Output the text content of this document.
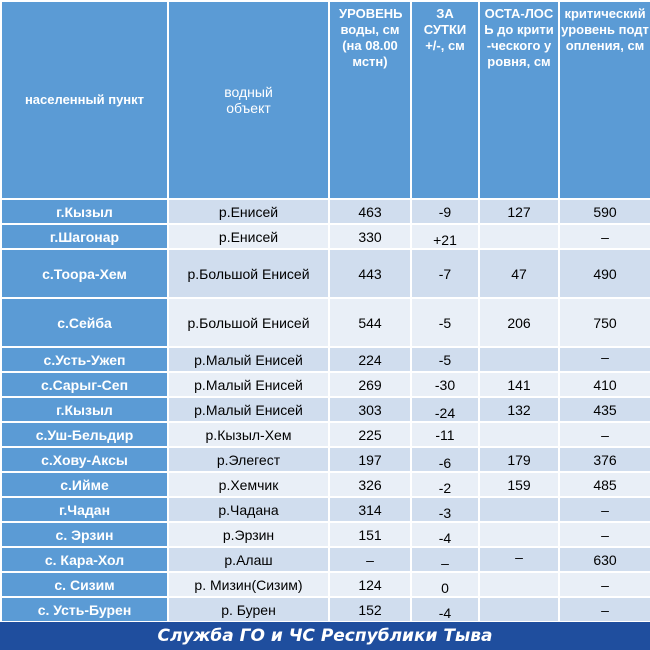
населенный пункт	водный объект	УРОВЕНЬ воды, см (на 08.00 мстн)	ЗА СУТКИ +/-, см	ОСТА-ЛОСЬ до крити-ческого уровня, см	критический уровень подтопления, см

г.Кызыл	р.Енисей	463	-9	127	590
г.Шагонар	р.Енисей	330	+21		–
с.Тоора-Хем	р.Большой Енисей	443	-7	47	490
с.Сейба	р.Большой Енисей	544	-5	206	750
с.Усть-Ужеп	р.Малый Енисей	224	-5		–
с.Сарыг-Сеп	р.Малый Енисей	269	-30	141	410
г.Кызыл	р.Малый Енисей	303	-24	132	435
с.Уш-Бельдир	р.Кызыл-Хем	225	-11		–
с.Хову-Аксы	р.Элегест	197	-6	179	376
с.Ийме	р.Хемчик	326	-2	159	485
г.Чадан	р.Чадана	314	-3		–
с. Эрзин	р.Эрзин	151	-4		–
с. Кара-Хол	р.Алаш	–	–	–	630
с. Сизим	р. Мизин(Сизим)	124	0		–
с. Усть-Бурен	р. Бурен	152	-4		–
Служба ГО и ЧС Республики Тыва
